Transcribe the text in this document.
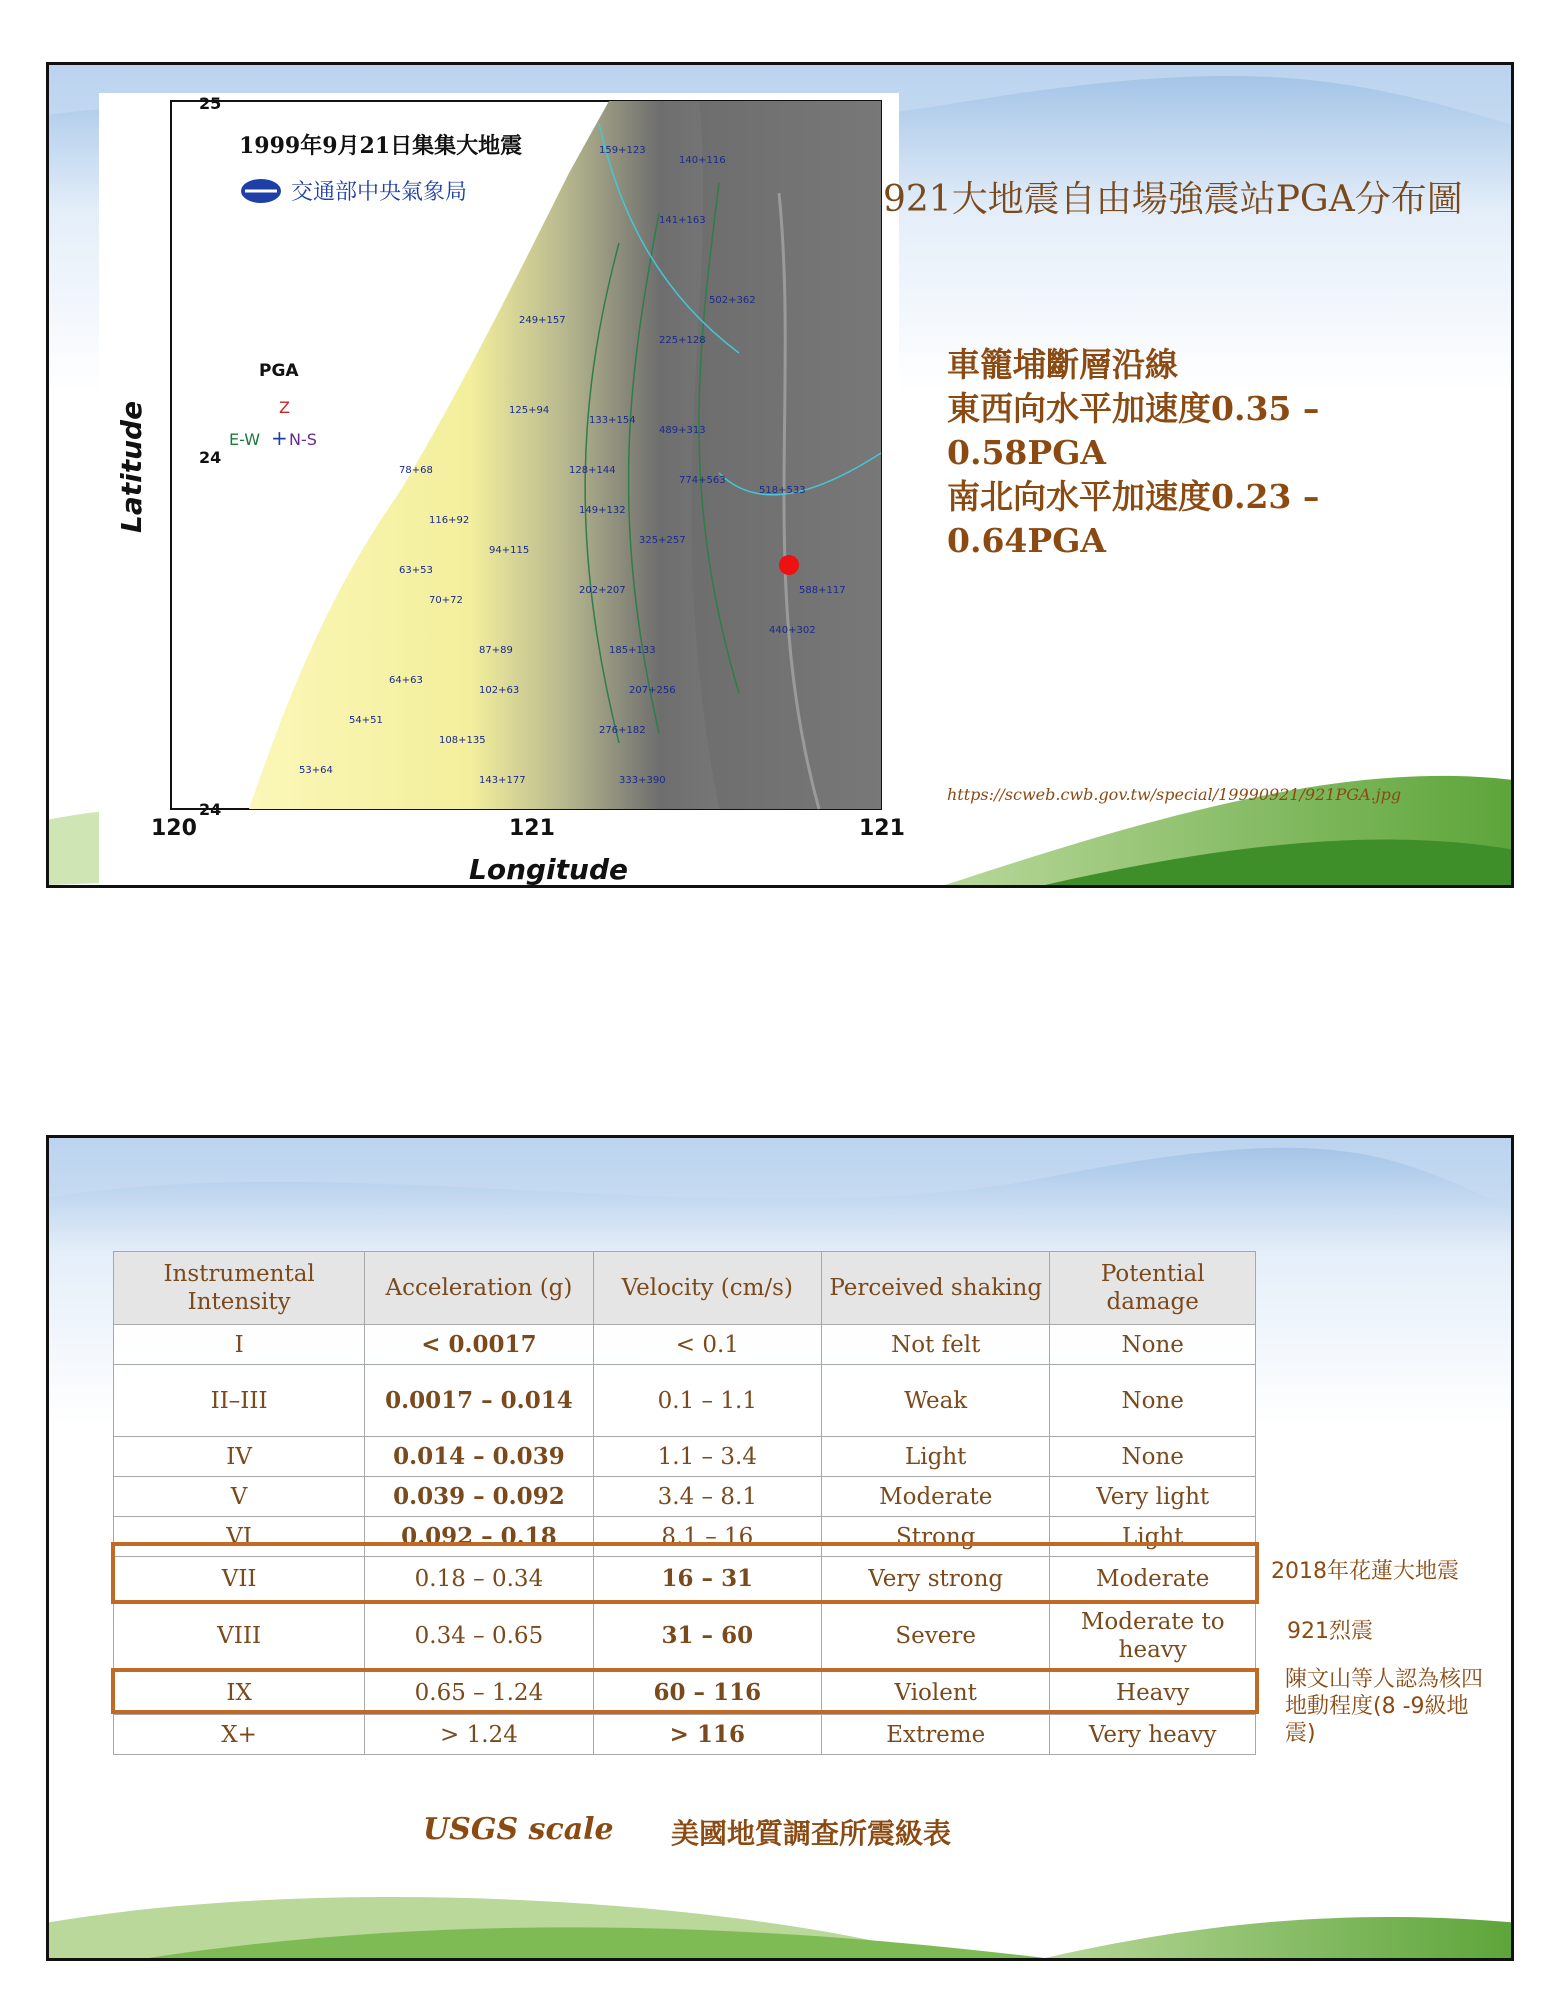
159+123
140+116
141+163
249+157
225+128
502+362
125+94
133+154
489+313
78+68	128+144
774+563
116+92
149+132
518+533
63+53
94+115
325+257
70+72
202+207	588+117
87+89	185+133
440+302
64+63
102+63	207+256
54+51
108+135
276+182
53+64
143+177	333+390
25
24
24
120	121	121
Longitude
Latitude
1999年9月21日集集大地震
交通部中央氣象局
PGA
Z
E-W + N-S
921大地震自由場強震站PGA分布圖
車籠埔斷層沿線
東西向水平加速度0.35 – 0.58PGA
南北向水平加速度0.23 – 0.64PGA
https://scweb.cwb.gov.tw/special/19990921/921PGA.jpg
Instrumental Intensity	Acceleration (g)	Velocity (cm/s)	Perceived shaking	Potential damage
I	< 0.0017	< 0.1	Not felt	None
II–III	0.0017 – 0.014	0.1 – 1.1	Weak	None
IV	0.014 – 0.039	1.1 – 3.4	Light	None
V	0.039 – 0.092	3.4 – 8.1	Moderate	Very light
VI	0.092 – 0.18	8.1 – 16	Strong	Light
VII	0.18 – 0.34	16 – 31	Very strong	Moderate
VIII	0.34 – 0.65	31 – 60	Severe	Moderate to heavy
IX	0.65 – 1.24	60 – 116	Violent	Heavy
X+	> 1.24	> 116	Extreme	Very heavy
2018年花蓮大地震
921烈震
陳文山等人認為核四地動程度(8 -9級地震)
USGS scale 美國地質調查所震級表
